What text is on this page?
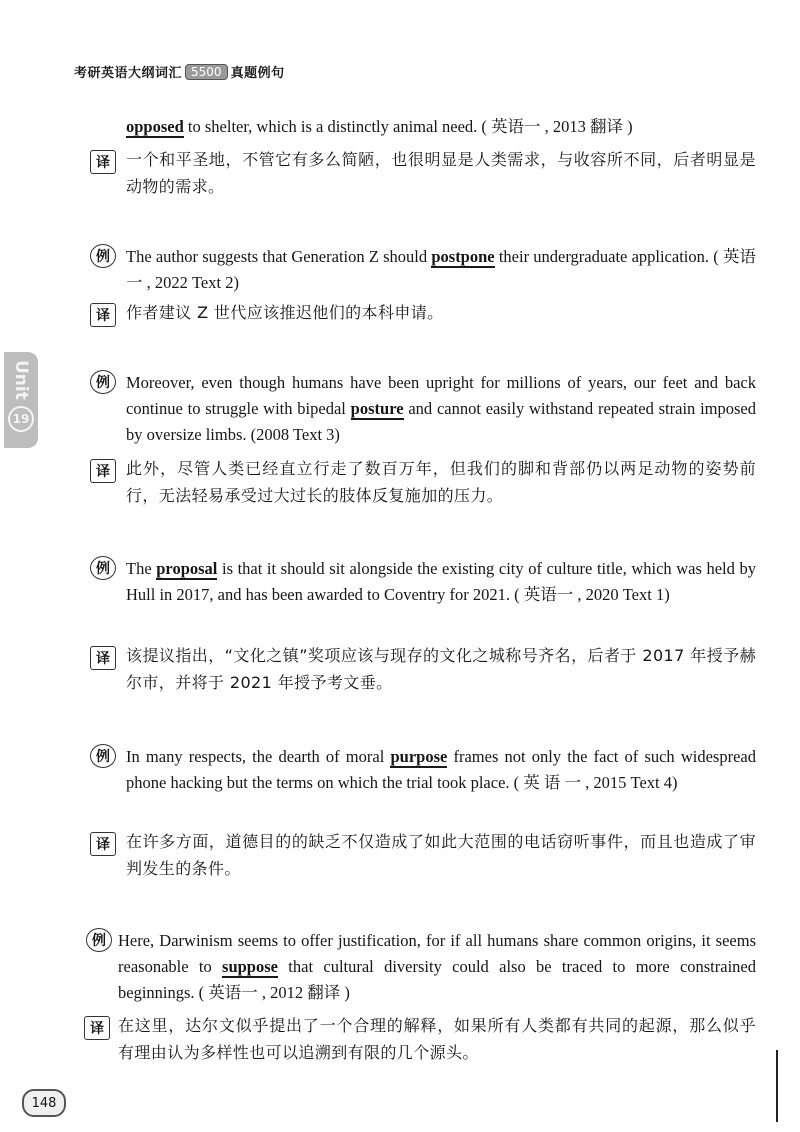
考研英语大纲词汇 5500 真题例句
Unit
19
opposed to shelter, which is a distinctly animal need. ( 英语一 , 2013 翻译 )
译	一个和平圣地，不管它有多么简陋，也很明显是人类需求，与收容所不同，后者明显是动物的需求。
例 The author suggests that Generation Z should postpone their undergraduate application. ( 英语一 , 2022 Text 2)
译	作者建议 Z 世代应该推迟他们的本科申请。
例 Moreover, even though humans have been upright for millions of years, our feet and back continue to struggle with bipedal posture and cannot easily withstand repeated strain imposed by oversize limbs. (2008 Text 3)
译	此外，尽管人类已经直立行走了数百万年，但我们的脚和背部仍以两足动物的姿势前行，无法轻易承受过大过长的肢体反复施加的压力。
例 The proposal is that it should sit alongside the existing city of culture title, which was held by Hull in 2017, and has been awarded to Coventry for 2021. ( 英语一 , 2020 Text 1)
译	该提议指出，“文化之镇”奖项应该与现存的文化之城称号齐名，后者于 2017 年授予赫尔市，并将于 2021 年授予考文垂。
例 In many respects, the dearth of moral purpose frames not only the fact of such widespread phone hacking but the terms on which the trial took place. ( 英 语 一 , 2015 Text 4)
译	在许多方面，道德目的的缺乏不仅造成了如此大范围的电话窃听事件，而且也造成了审判发生的条件。
例 Here, Darwinism seems to offer justification, for if all humans share common origins, it seems reasonable to suppose that cultural diversity could also be traced to more constrained beginnings. ( 英语一 , 2012 翻译 )
译 在这里，达尔文似乎提出了一个合理的解释，如果所有人类都有共同的起源，那么似乎有理由认为多样性也可以追溯到有限的几个源头。
148
